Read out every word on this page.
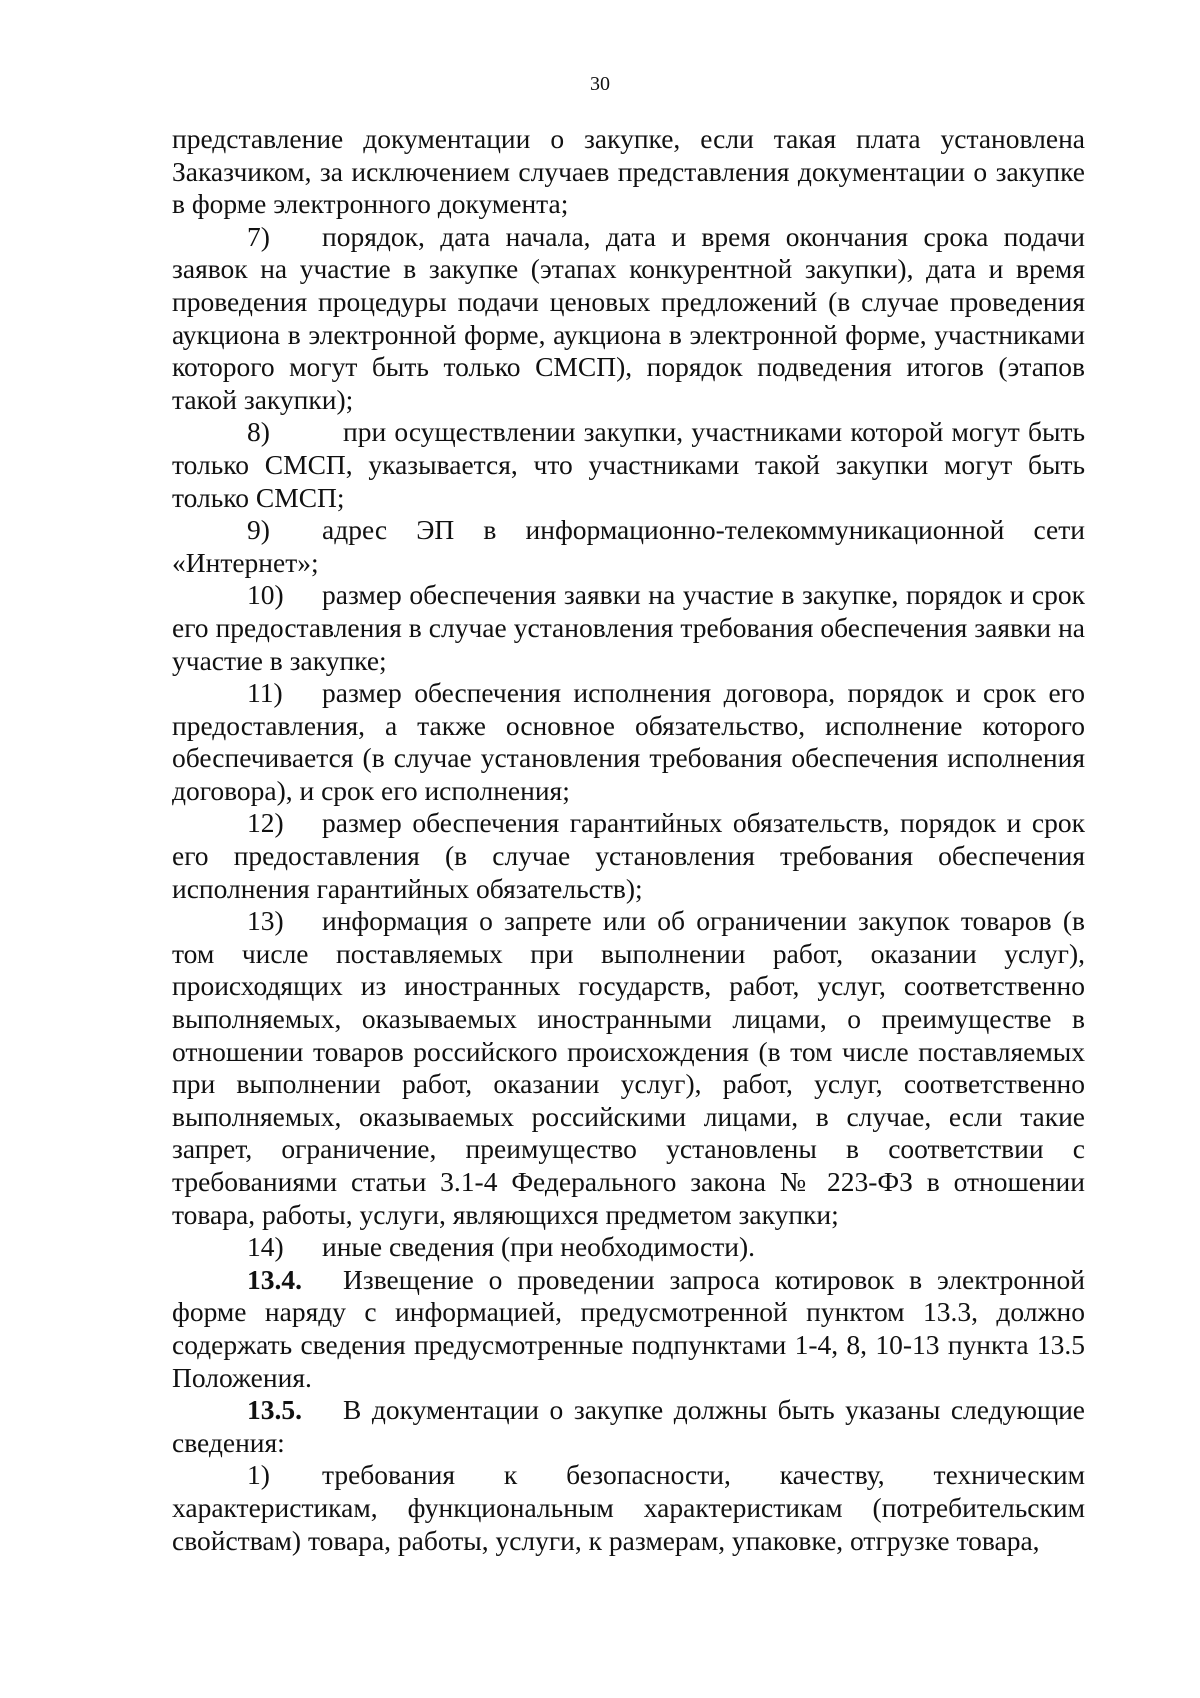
30

представление документации о закупке, если такая плата установлена Заказчиком, за исключением случаев представления документации о закупке в форме электронного документа;

7) порядок, дата начала, дата и время окончания срока подачи заявок на участие в закупке (этапах конкурентной закупки), дата и время проведения процедуры подачи ценовых предложений (в случае проведения аукциона в электронной форме, аукциона в электронной форме, участниками которого могут быть только СМСП), порядок подведения итогов (этапов такой закупки);

8)	при осуществлении закупки, участниками которой могут быть только СМСП, указывается, что участниками такой закупки могут быть только СМСП;

9) адрес ЭП в информационно-телекоммуникационной сети «Интернет»;

10) размер обеспечения заявки на участие в закупке, порядок и срок его предоставления в случае установления требования обеспечения заявки на участие в закупке;

11) размер обеспечения исполнения договора, порядок и срок его предоставления, а также основное обязательство, исполнение которого обеспечивается (в случае установления требования обеспечения исполнения договора), и срок его исполнения;

12) размер обеспечения гарантийных обязательств, порядок и срок его предоставления (в случае установления требования обеспечения исполнения гарантийных обязательств);

13) информация о запрете или об ограничении закупок товаров (в том числе поставляемых при выполнении работ, оказании услуг), происходящих из иностранных государств, работ, услуг, соответственно выполняемых, оказываемых иностранными лицами, о преимуществе в отношении товаров российского происхождения (в том числе поставляемых при выполнении работ, оказании услуг), работ, услуг, соответственно выполняемых, оказываемых российскими лицами, в случае, если такие запрет, ограничение, преимущество установлены в соответствии с требованиями статьи 3.1-4 Федерального закона № 223-ФЗ в отношении товара, работы, услуги, являющихся предметом закупки;

14) иные сведения (при необходимости).

13.4. Извещение о проведении запроса котировок в электронной форме наряду с информацией, предусмотренной пунктом 13.3, должно содержать сведения предусмотренные подпунктами 1-4, 8, 10-13 пункта 13.5 Положения.

13.5. В документации о закупке должны быть указаны следующие сведения:

1) требования к безопасности, качеству, техническим характеристикам, функциональным характеристикам (потребительским свойствам) товара, работы, услуги, к размерам, упаковке, отгрузке товара,
